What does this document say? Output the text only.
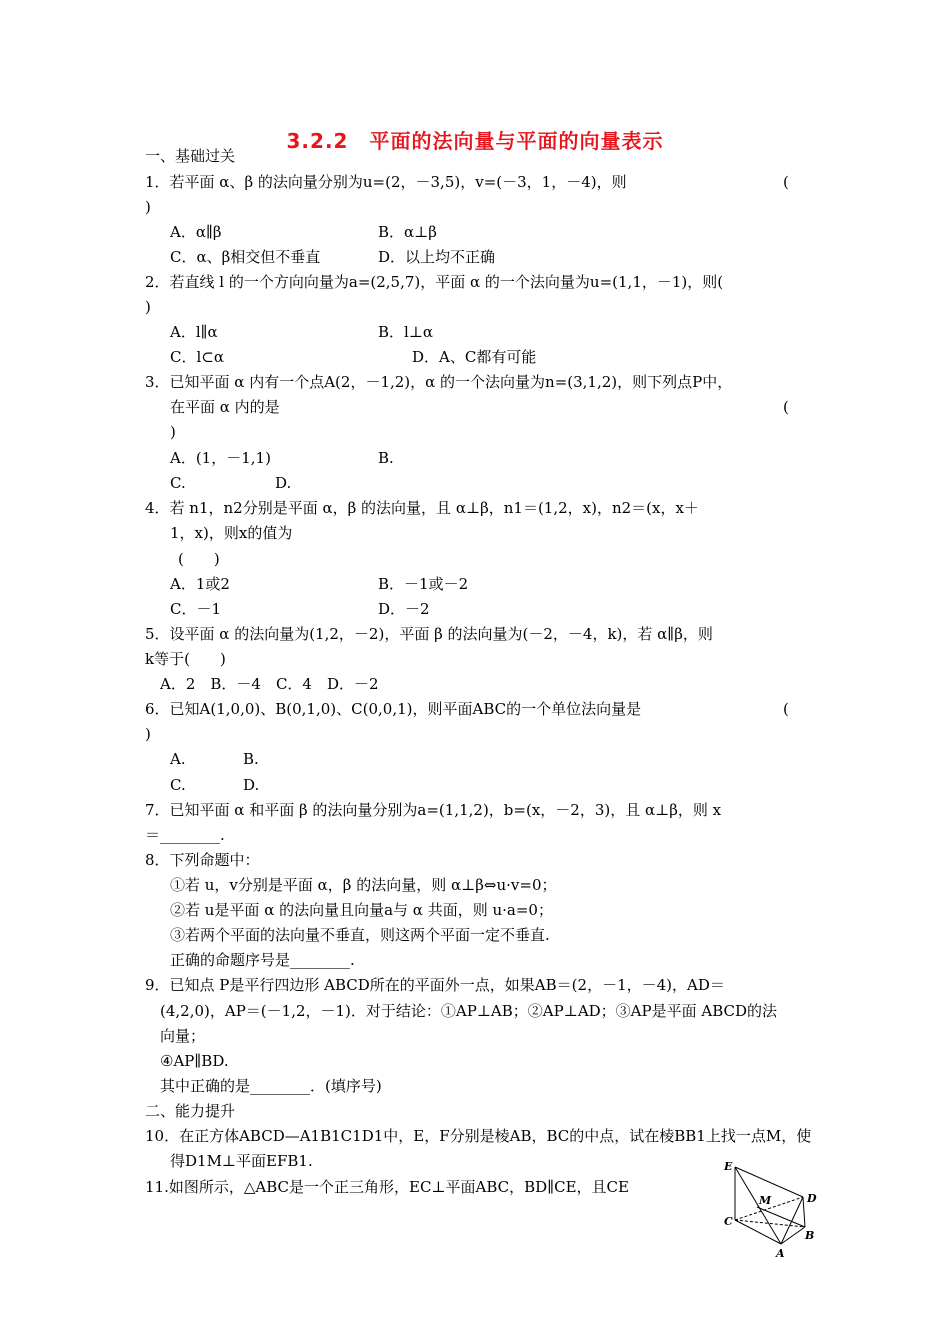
3.2.2　平面的法向量与平面的向量表示
一、基础过关
1．若平面 α、β 的法向量分别为u=(2，－3,5)，v=(－3，1，－4)，则	(
)
A．α∥β	B．α⊥β
C．α、β相交但不垂直	D．以上均不正确
2．若直线 l 的一个方向向量为a=(2,5,7)，平面 α 的一个法向量为u=(1,1，－1)，则(
)
A．l∥α	B．l⊥α
C．l⊂α	D．A、C都有可能
3．已知平面 α 内有一个点A(2，－1,2)，α 的一个法向量为n=(3,1,2)，则下列点P中，
在平面 α 内的是	(
)
A．(1，－1,1)	B.
C.	D.
4．若 n1，n2分别是平面 α，β 的法向量，且 α⊥β，n1＝(1,2，x)，n2＝(x，x＋
1，x)，则x的值为
(　　)
A．1或2	B．－1或－2
C．－1	D．－2
5．设平面 α 的法向量为(1,2，－2)，平面 β 的法向量为(－2，－4，k)，若 α∥β，则
k等于(　　)
A．2　B．－4　C．4　D．－2
6．已知A(1,0,0)、B(0,1,0)、C(0,0,1)，则平面ABC的一个单位法向量是	(
)
A.	B.
C.	D.
7．已知平面 α 和平面 β 的法向量分别为a=(1,1,2)，b=(x，－2，3)，且 α⊥β，则 x
＝________.
8．下列命题中：
①若 u，v分别是平面 α，β 的法向量，则 α⊥β⇔u·v=0；
②若 u是平面 α 的法向量且向量a与 α 共面，则 u·a=0；
③若两个平面的法向量不垂直，则这两个平面一定不垂直.
正确的命题序号是________.
9．已知点 P是平行四边形 ABCD所在的平面外一点，如果AB＝(2，－1，－4)，AD＝
(4,2,0)，AP＝(－1,2，－1)．对于结论：①AP⊥AB；②AP⊥AD；③AP是平面 ABCD的法
向量；
④AP∥BD.
其中正确的是________．(填序号)
二、能力提升
10．在正方体ABCD—A1B1C1D1中，E，F分别是棱AB，BC的中点，试在棱BB1上找一点M，使
得D1M⊥平面EFB1.
11.如图所示，△ABC是一个正三角形，EC⊥平面ABC，BD∥CE，且CE
E
M	D
C
B
A
